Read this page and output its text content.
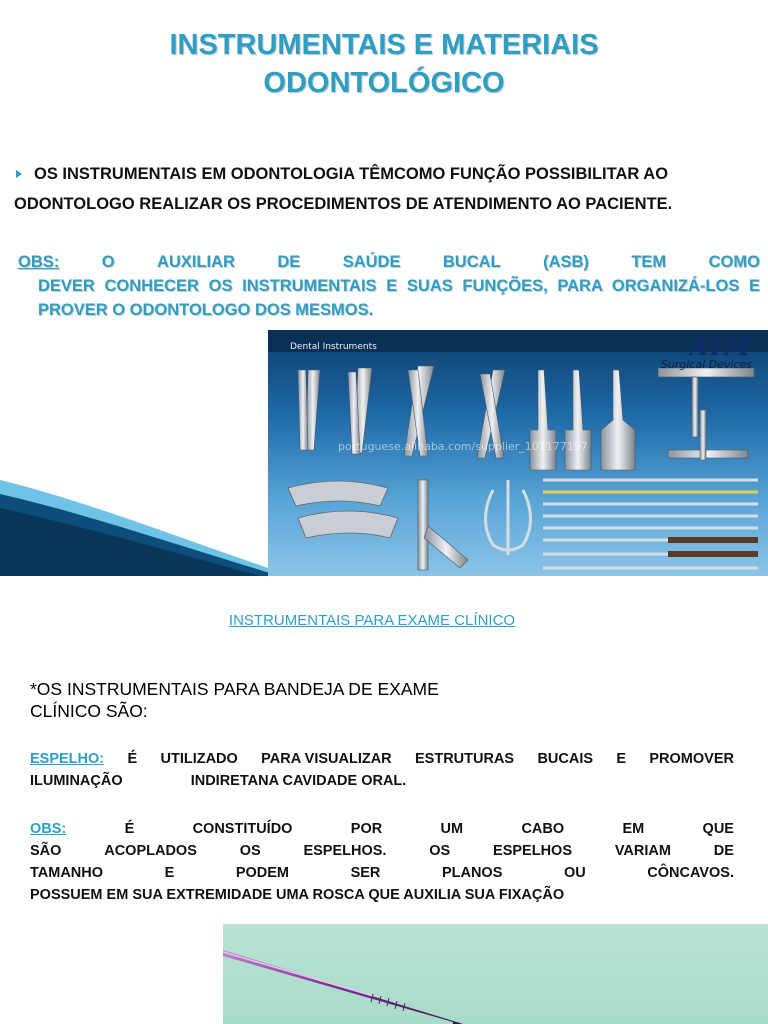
INSTRUMENTAIS E MATERIAIS
ODONTOLÓGICO
OS INSTRUMENTAIS EM ODONTOLOGIA TÊMCOMO FUNÇÃO POSSIBILITAR AO
ODONTOLOGO REALIZAR OS PROCEDIMENTOS DE ATENDIMENTO AO PACIENTE.
OBS:	O	AUXILIAR	DE	SAÚDE	BUCAL	(ASB)	TEM	COMO
DEVER CONHECER OS INSTRUMENTAIS E SUAS FUNÇÕES, PARA ORGANIZÁ-LOS E PROVER O ODONTOLOGO DOS MESMOS.
Dental Instruments	AIM
Surgical Devices
portuguese.alibaba.com/supplier_101177197
INSTRUMENTAIS PARA EXAME CLÍNICO
*OS INSTRUMENTAIS PARA BANDEJA DE EXAME
CLÍNICO SÃO:
ESPELHO: É UTILIZADO PARA VISUALIZAR ESTRUTURAS BUCAIS E PROMOVER
ILUMINAÇÃO	INDIRETANA CAVIDADE ORAL.
OBS:	É	CONSTITUÍDO	POR	UM	CABO	EM	QUE
SÃO	ACOPLADOS	OS	ESPELHOS.	OS	ESPELHOS	VARIAM	DE
TAMANHO	E	PODEM	SER	PLANOS	OU	CÔNCAVOS.
POSSUEM EM SUA EXTREMIDADE UMA ROSCA QUE AUXILIA SUA FIXAÇÃO
